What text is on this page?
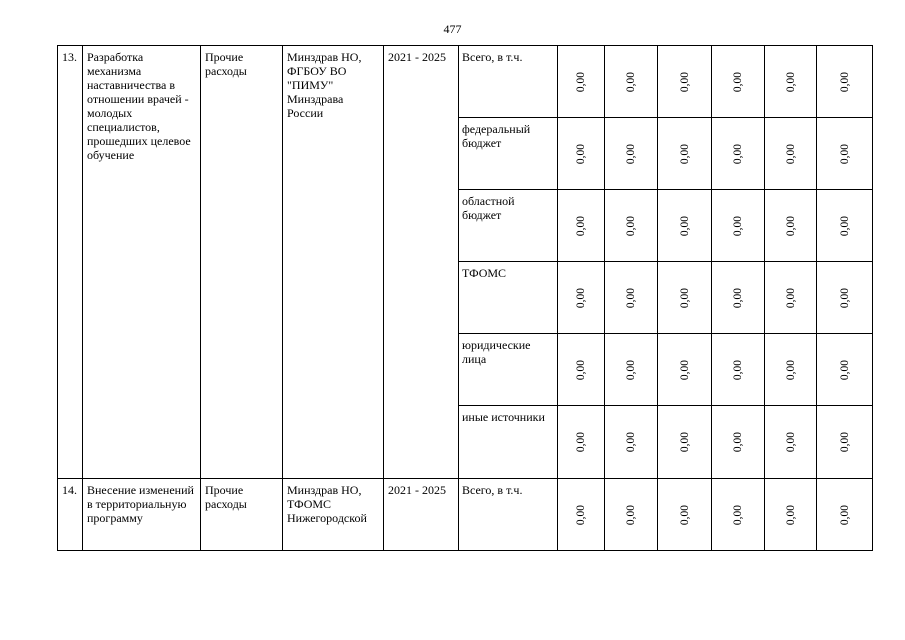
477
13.	Разработка механизма наставничества в отношении врачей - молодых специалистов, прошедших целевое обучение	Прочие расходы	Минздрав НО, ФГБОУ ВО "ПИМУ" Минздрава России	2021 - 2025	Всего, в т.ч.	0,00	0,00	0,00	0,00	0,00	0,00

					федеральный бюджет	0,00	0,00	0,00	0,00	0,00	0,00

					областной бюджет	0,00	0,00	0,00	0,00	0,00	0,00

					ТФОМС	0,00	0,00	0,00	0,00	0,00	0,00

					юридические лица	0,00	0,00	0,00	0,00	0,00	0,00

					иные источники	0,00	0,00	0,00	0,00	0,00	0,00

14.	Внесение изменений в территориальную программу	Прочие расходы	Минздрав НО, ТФОМС Нижегородской	2021 - 2025	Всего, в т.ч.	0,00	0,00	0,00	0,00	0,00	0,00
